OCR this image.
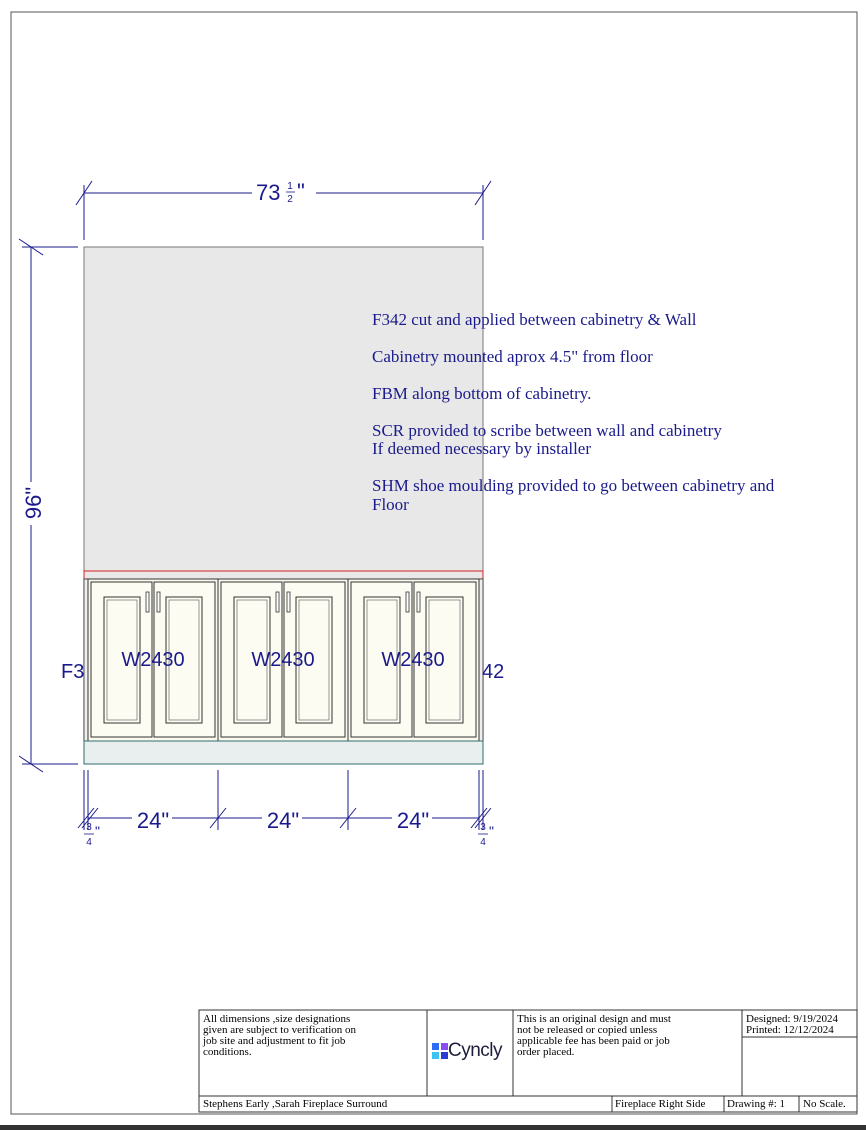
W2430	W2430	W2430
F3	42
73 1
2 "
96"
24"	24"	24"
3
4
"	3
4
"
F342 cut and applied between cabinetry & Wall
Cabinetry mounted aprox 4.5" from floor
FBM along bottom of cabinetry.
SCR provided to scribe between wall and cabinetry
If deemed necessary by installer
SHM shoe moulding provided to go between cabinetry and
Floor
All dimensions ,size designations
given are subject to verification on
job site and adjustment to fit job
conditions.	Cyncly
This is an original design and must
not be released or copied unless
applicable fee has been paid or job
order placed.
Designed: 9/19/2024
Printed: 12/12/2024
Stephens Early ,Sarah Fireplace Surround	Fireplace Right Side Drawing #: 1 No Scale.
